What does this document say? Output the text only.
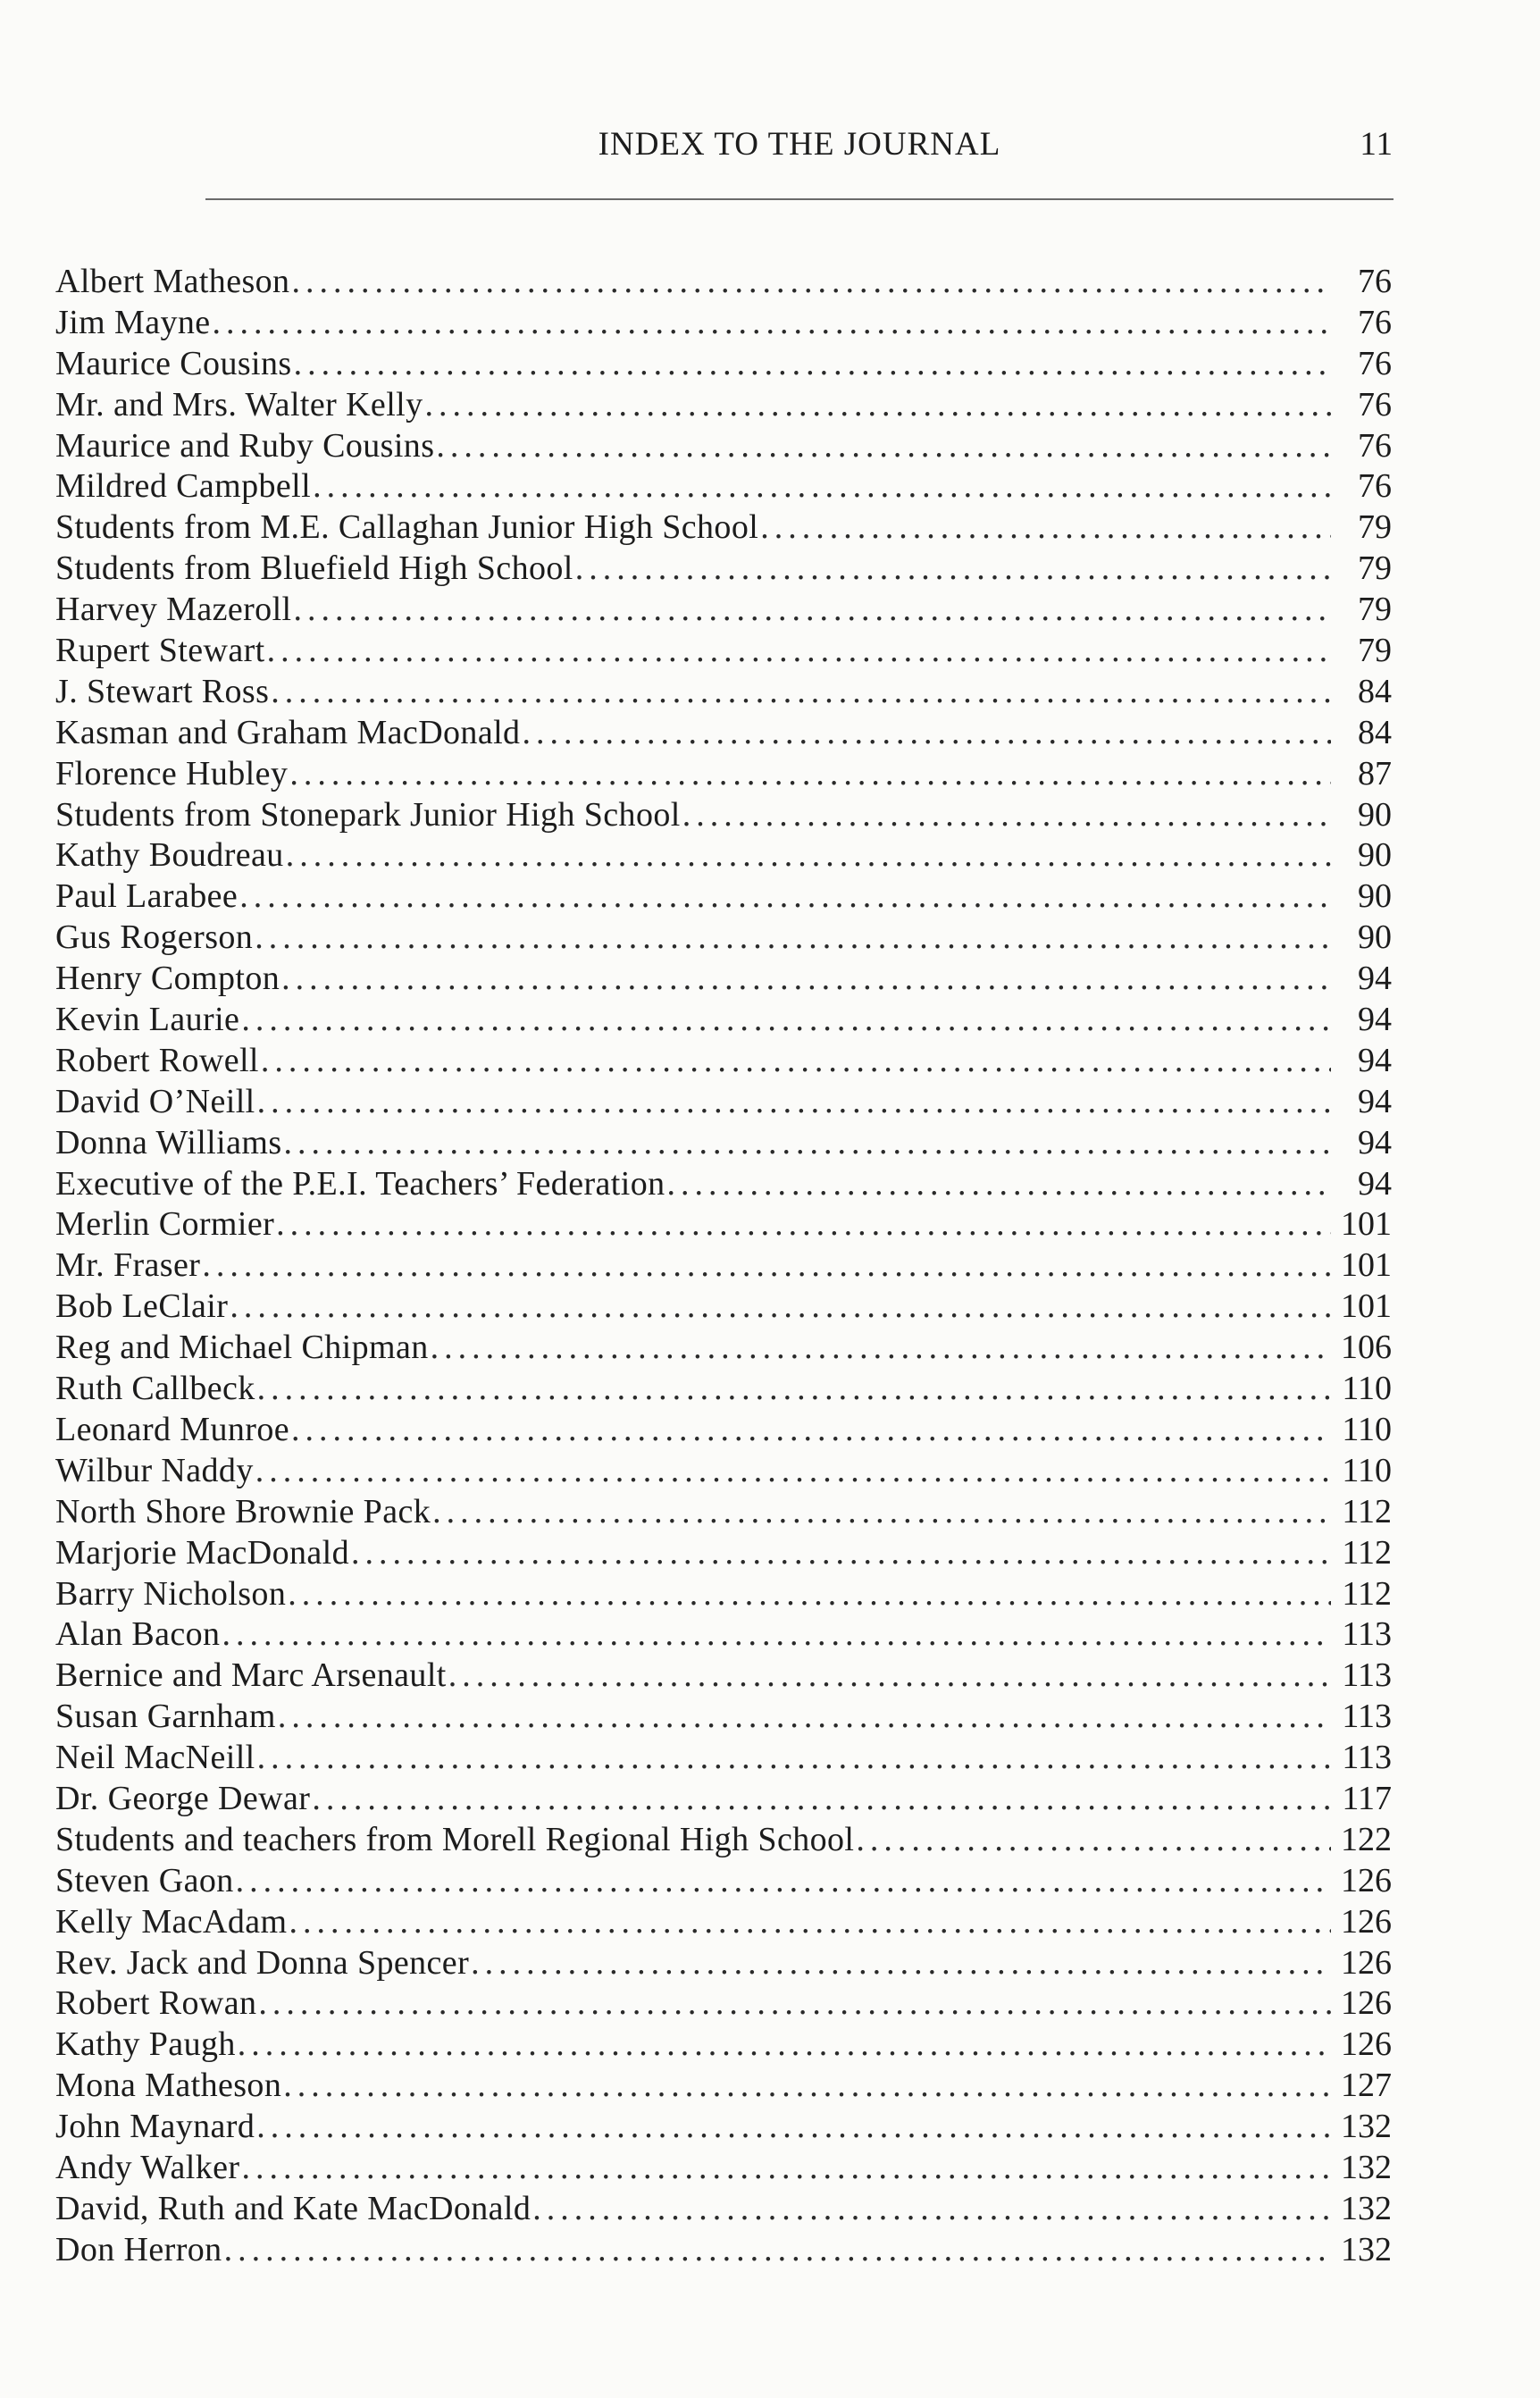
INDEX TO THE JOURNAL	11
Albert Matheson .....	76
Jim Mayne .....	76
Maurice Cousins .....	76
Mr. and Mrs. Walter Kelly .....	76
Maurice and Ruby Cousins .....	76
Mildred Campbell .....	76
Students from M.E. Callaghan Junior High School .....	79
Students from Bluefield High School .....	79
Harvey Mazeroll .....	79
Rupert Stewart .....	79
J. Stewart Ross .....	84
Kasman and Graham MacDonald .....	84
Florence Hubley .....	87
Students from Stonepark Junior High School .....	90
Kathy Boudreau .....	90
Paul Larabee .....	90
Gus Rogerson .....	90
Henry Compton .....	94
Kevin Laurie .....	94
Robert Rowell .....	94
David O’Neill .....	94
Donna Williams .....	94
Executive of the P.E.I. Teachers’ Federation .....	94
Merlin Cormier .....	101
Mr. Fraser .....	101
Bob LeClair .....	101
Reg and Michael Chipman .....	106
Ruth Callbeck .....	110
Leonard Munroe .....	110
Wilbur Naddy .....	110
North Shore Brownie Pack .....	112
Marjorie MacDonald .....	112
Barry Nicholson .....	112
Alan Bacon .....	113
Bernice and Marc Arsenault .....	113
Susan Garnham .....	113
Neil MacNeill .....	113
Dr. George Dewar .....	117
Students and teachers from Morell Regional High School .....	122
Steven Gaon .....	126
Kelly MacAdam .....	126
Rev. Jack and Donna Spencer .....	126
Robert Rowan .....	126
Kathy Paugh .....	126
Mona Matheson .....	127
John Maynard .....	132
Andy Walker .....	132
David, Ruth and Kate MacDonald .....	132
Don Herron .....	132
